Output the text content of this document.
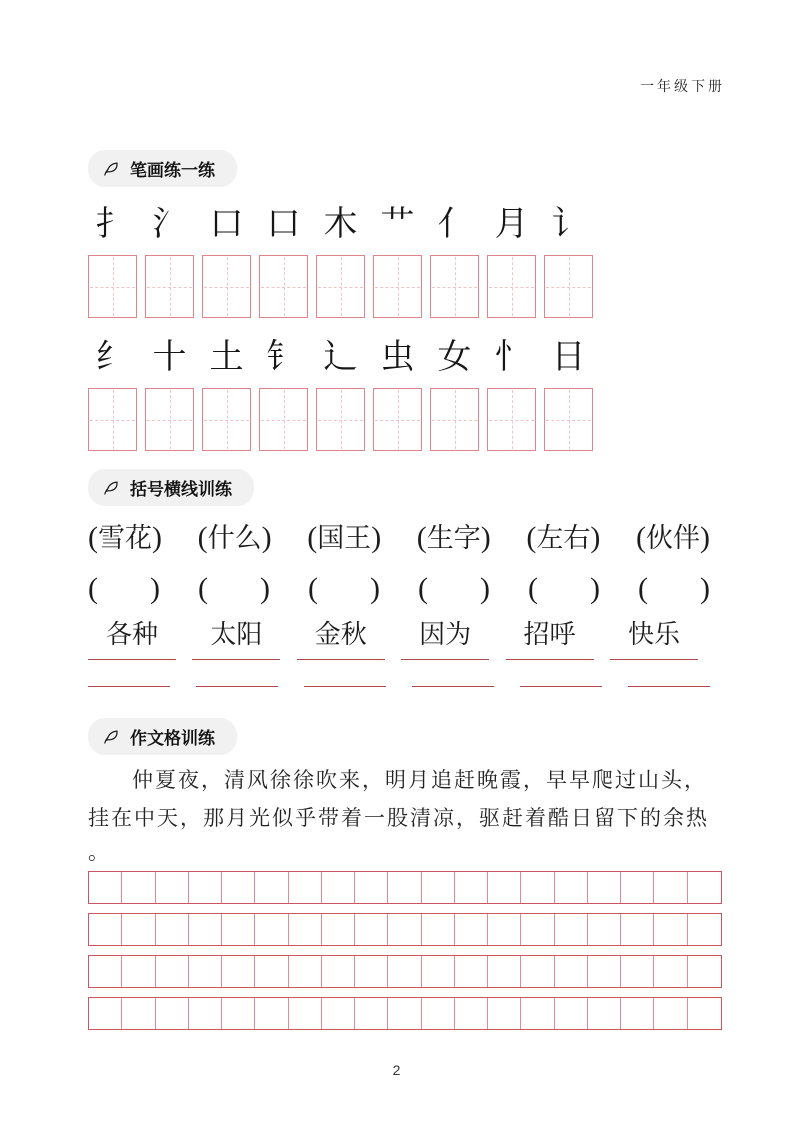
一年级下册
笔画练一练
扌 氵 口 口 木 艹 亻 月 讠
纟 十 土 钅 辶 虫 女 忄 日
括号横线训练
(雪花) (什么) (国王) (生字) (左右) (伙伴)
( ) ( ) ( ) ( ) ( ) ( )
各种	太阳	金秋	因为	招呼	快乐
作文格训练
仲夏夜，清风徐徐吹来，明月追赶晚霞，早早爬过山头，
挂在中天，那月光似乎带着一股清凉，驱赶着酷日留下的余热
。
2
